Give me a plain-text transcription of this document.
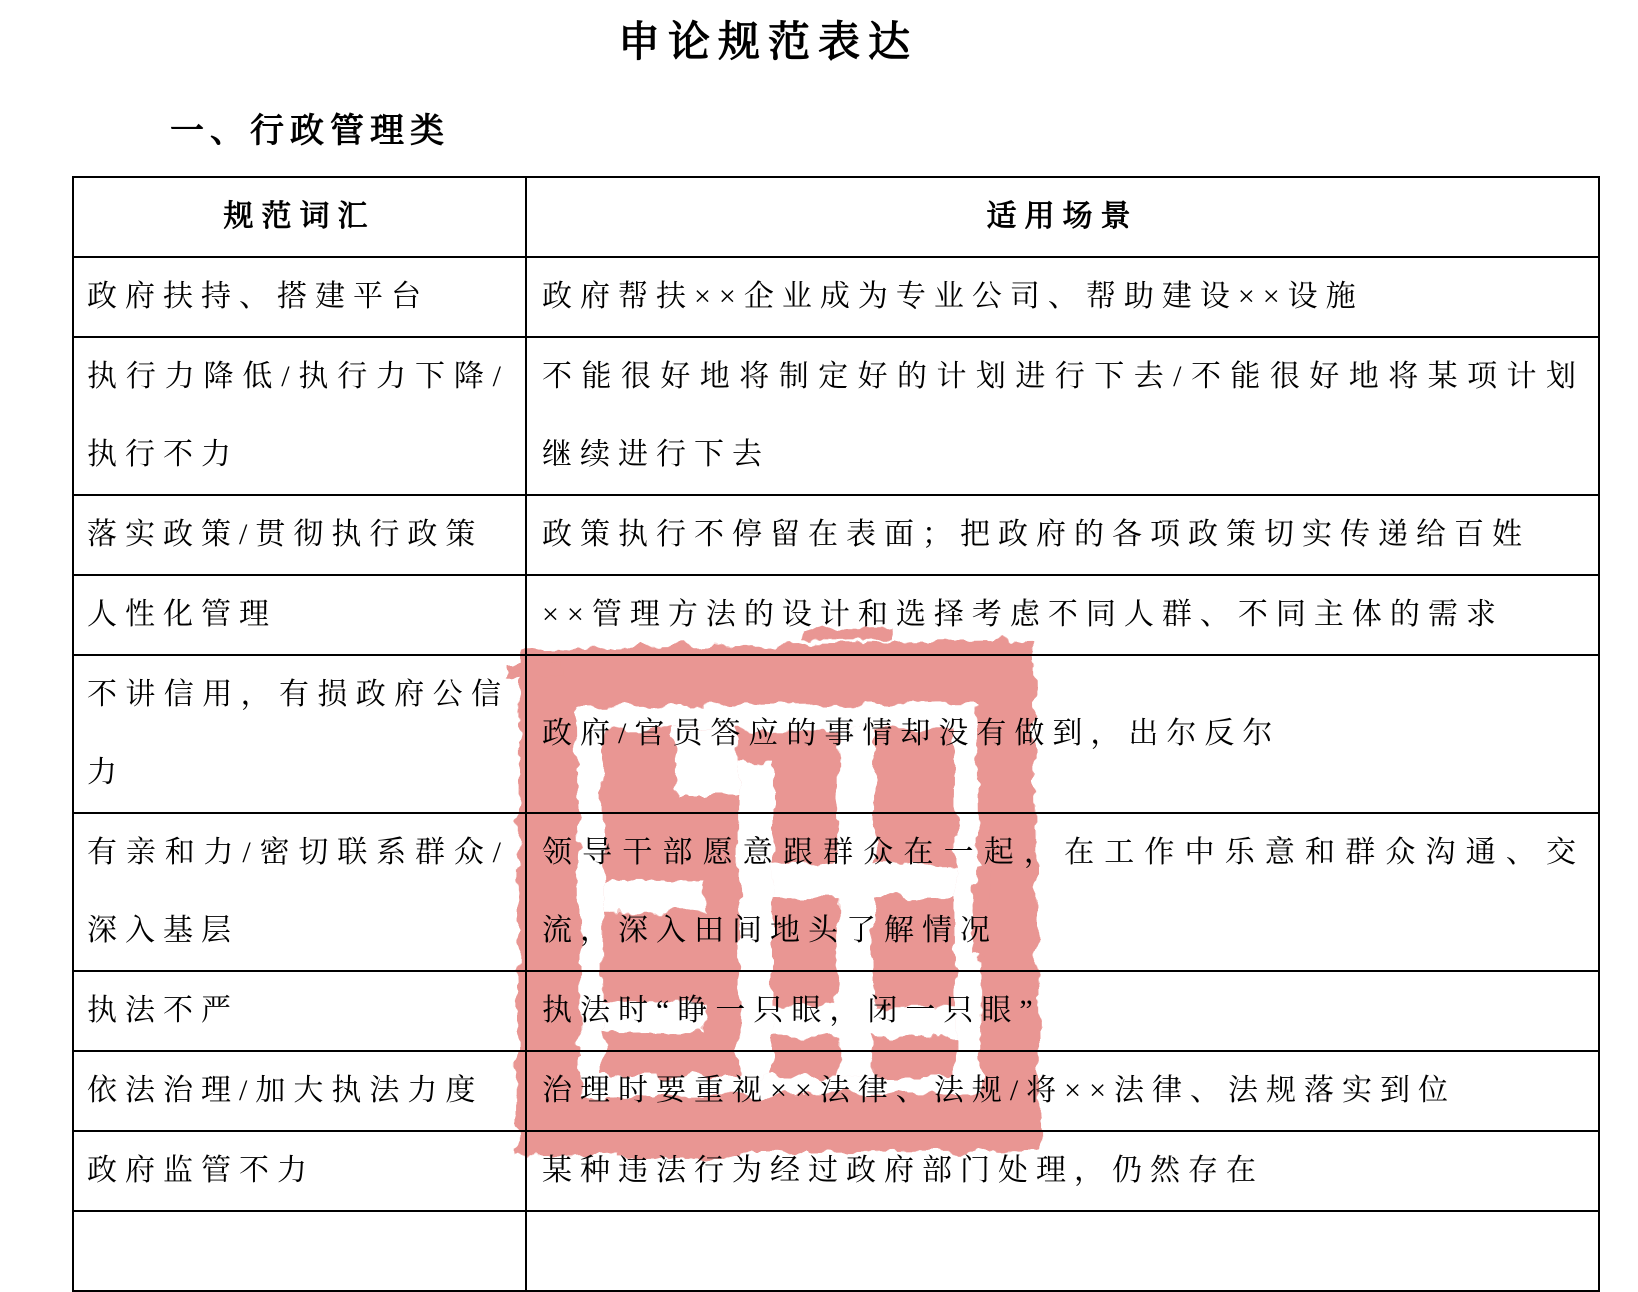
申论规范表达
一、行政管理类
规范词汇	适用场景
政府扶持、搭建平台	政府帮扶××企业成为专业公司、帮助建设××设施
执行力降低/执行力下降/执行不力	不能很好地将制定好的计划进行下去/不能很好地将某项计划继续进行下去
落实政策/贯彻执行政策	政策执行不停留在表面；把政府的各项政策切实传递给百姓
人性化管理	××管理方法的设计和选择考虑不同人群、不同主体的需求
不讲信用，有损政府公信力	政府/官员答应的事情却没有做到，出尔反尔
有亲和力/密切联系群众/深入基层	领导干部愿意跟群众在一起，在工作中乐意和群众沟通、交流，深入田间地头了解情况
执法不严	执法时“睁一只眼，闭一只眼”
依法治理/加大执法力度	治理时要重视××法律、法规/将××法律、法规落实到位
政府监管不力	某种违法行为经过政府部门处理，仍然存在
